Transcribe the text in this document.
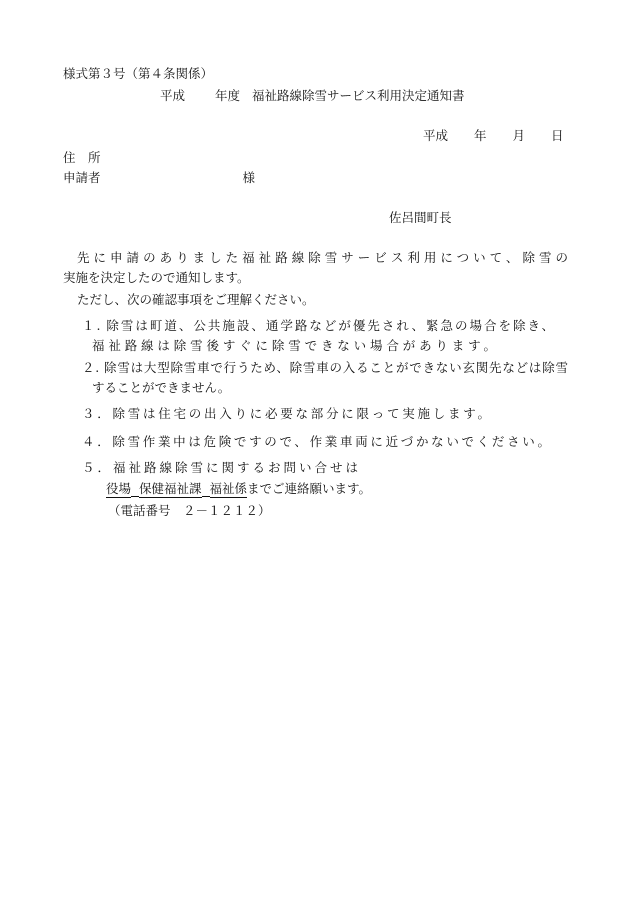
様式第３号（第４条関係）
平成 年度 福祉路線除雪サービス利用決定通知書
平成 年 月 日
住　所
申請者	様
佐呂間町長
先に申請のありました福祉路線除雪サービス利用について、除雪の
実施を決定したので通知します。
ただし、次の確認事項をご理解ください。
１. 除雪は町道、公共施設、通学路などが優先され、緊急の場合を除き、
福祉路線は除雪後すぐに除雪できない場合があります。
２. 除雪は大型除雪車で行うため、除雪車の入ることができない玄関先などは除雪
することができません。
３．除雪は住宅の出入りに必要な部分に限って実施します。
４．除雪作業中は危険ですので、作業車両に近づかないでください。
５．福祉路線除雪に関するお問い合せは
役場 保健福祉課 福祉係までご連絡願います。
（電話番号　２－１２１２）
